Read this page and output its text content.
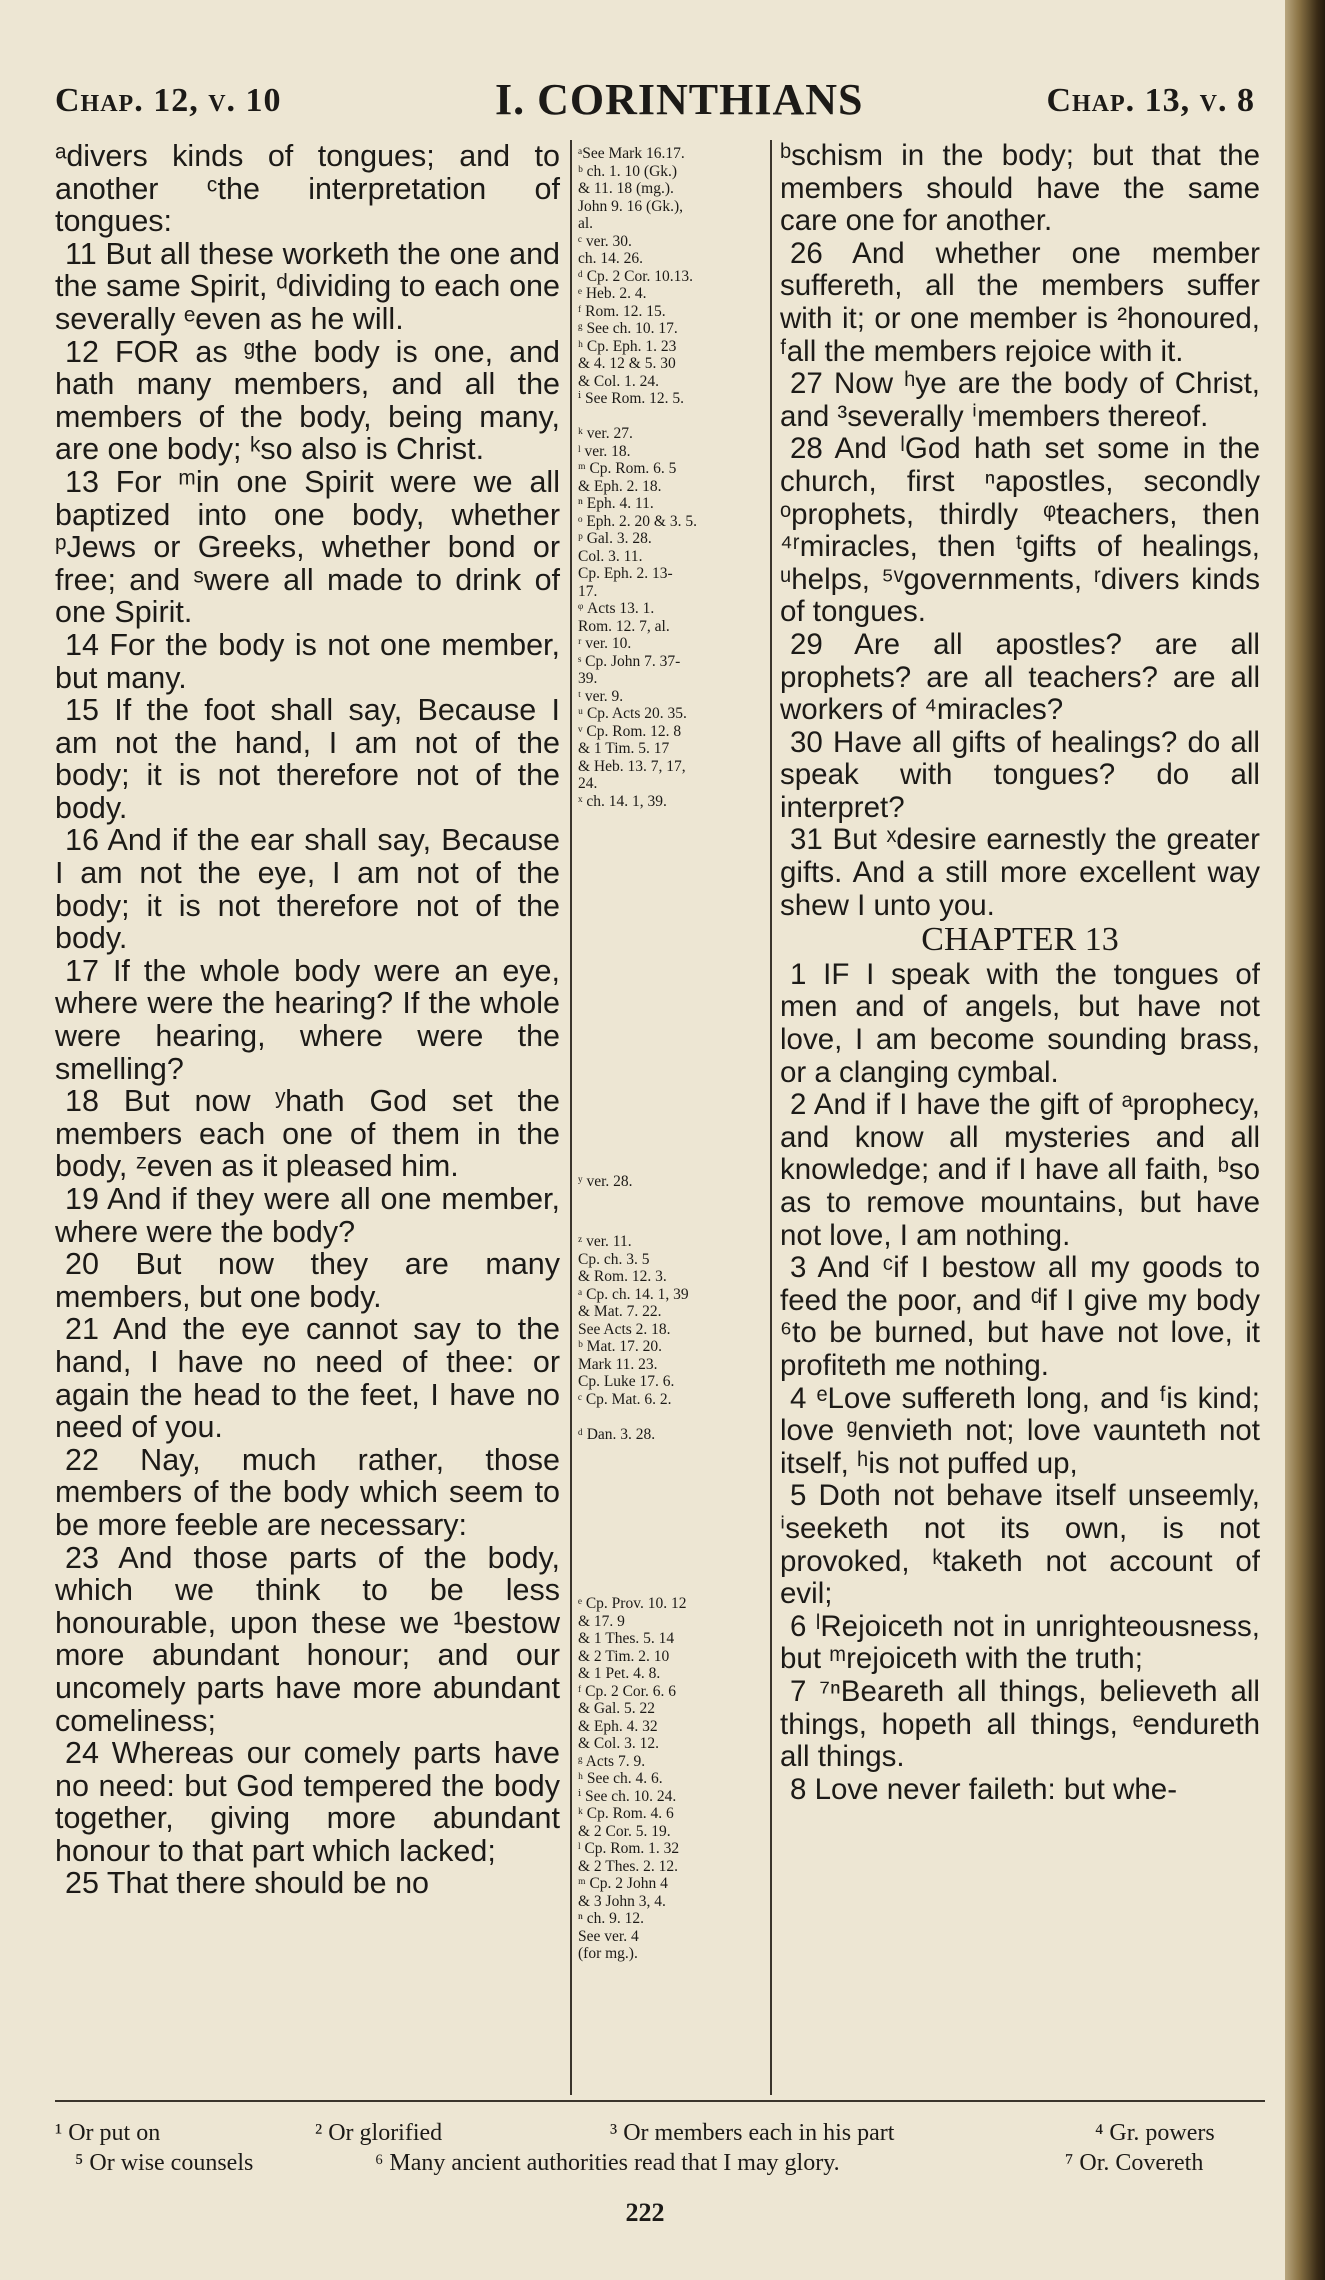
Chap. 12, v. 10	I. CORINTHIANS	Chap. 13, v. 8

ᵃdivers kinds of tongues; and to another ᶜthe interpretation of tongues:

11 But all these worketh the one and the same Spirit, ᵈdividing to each one severally ᵉeven as he will.

12 FOR as ᵍthe body is one, and hath many members, and all the members of the body, being many, are one body; ᵏso also is Christ.

13 For ᵐin one Spirit were we all baptized into one body, whether ᵖJews or Greeks, whether bond or free; and ˢwere all made to drink of one Spirit.

14 For the body is not one member, but many.

15 If the foot shall say, Because I am not the hand, I am not of the body; it is not therefore not of the body.

16 And if the ear shall say, Because I am not the eye, I am not of the body; it is not therefore not of the body.

17 If the whole body were an eye, where were the hearing? If the whole were hearing, where were the smelling?

18 But now ʸhath God set the members each one of them in the body, ᶻeven as it pleased him.

19 And if they were all one member, where were the body?

20 But now they are many members, but one body.

21 And the eye cannot say to the hand, I have no need of thee: or again the head to the feet, I have no need of you.

22 Nay, much rather, those members of the body which seem to be more feeble are necessary:

23 And those parts of the body, which we think to be less honourable, upon these we ¹bestow more abundant honour; and our uncomely parts have more abundant comeliness;

24 Whereas our comely parts have no need: but God tempered the body together, giving more abundant honour to that part which lacked;

25 That there should be no

ᵃSee Mark 16.17.
ᵇ ch. 1. 10 (Gk.)
& 11. 18 (mg.).
John 9. 16 (Gk.),
al.
ᶜ ver. 30.
ch. 14. 26.
ᵈ Cp. 2 Cor. 10.13.
ᵉ Heb. 2. 4.
ᶠ Rom. 12. 15.
ᵍ See ch. 10. 17.
ʰ Cp. Eph. 1. 23
& 4. 12 & 5. 30
& Col. 1. 24.
ⁱ See Rom. 12. 5.

ᵏ ver. 27.
ˡ ver. 18.
ᵐ Cp. Rom. 6. 5
& Eph. 2. 18.
ⁿ Eph. 4. 11.
ᵒ Eph. 2. 20 & 3. 5.
ᵖ Gal. 3. 28.
Col. 3. 11.
Cp. Eph. 2. 13-
17.
ᵠ Acts 13. 1.
Rom. 12. 7, al.
ʳ ver. 10.
ˢ Cp. John 7. 37-
39.
ᵗ ver. 9.
ᵘ Cp. Acts 20. 35.
ᵛ Cp. Rom. 12. 8
& 1 Tim. 5. 17
& Heb. 13. 7, 17,
24.
ˣ ch. 14. 1, 39.
ʸ ver. 28.
ᶻ ver. 11.
Cp. ch. 3. 5
& Rom. 12. 3.
ᵃ Cp. ch. 14. 1, 39
& Mat. 7. 22.
See Acts 2. 18.
ᵇ Mat. 17. 20.
Mark 11. 23.
Cp. Luke 17. 6.
ᶜ Cp. Mat. 6. 2.

ᵈ Dan. 3. 28.
ᵉ Cp. Prov. 10. 12
& 17. 9
& 1 Thes. 5. 14
& 2 Tim. 2. 10
& 1 Pet. 4. 8.
ᶠ Cp. 2 Cor. 6. 6
& Gal. 5. 22
& Eph. 4. 32
& Col. 3. 12.
ᵍ Acts 7. 9.
ʰ See ch. 4. 6.
ⁱ See ch. 10. 24.
ᵏ Cp. Rom. 4. 6
& 2 Cor. 5. 19.
ˡ Cp. Rom. 1. 32
& 2 Thes. 2. 12.
ᵐ Cp. 2 John 4
& 3 John 3, 4.
ⁿ ch. 9. 12.
See ver. 4
(for mg.).

ᵇschism in the body; but that the members should have the same care one for another.

26 And whether one member suffereth, all the members suffer with it; or one member is ²honoured, ᶠall the members rejoice with it.

27 Now ʰye are the body of Christ, and ³severally ⁱmembers thereof.

28 And ˡGod hath set some in the church, first ⁿapostles, secondly ᵒprophets, thirdly ᵠteachers, then ⁴ʳmiracles, then ᵗgifts of healings, ᵘhelps, ⁵ᵛgovernments, ʳdivers kinds of tongues.

29 Are all apostles? are all prophets? are all teachers? are all workers of ⁴miracles?

30 Have all gifts of healings? do all speak with tongues? do all interpret?

31 But ˣdesire earnestly the greater gifts. And a still more excellent way shew I unto you.

CHAPTER 13

1 IF I speak with the tongues of men and of angels, but have not love, I am become sounding brass, or a clanging cymbal.

2 And if I have the gift of ᵃprophecy, and know all mysteries and all knowledge; and if I have all faith, ᵇso as to remove mountains, but have not love, I am nothing.

3 And ᶜif I bestow all my goods to feed the poor, and ᵈif I give my body ⁶to be burned, but have not love, it profiteth me nothing.

4 ᵉLove suffereth long, and ᶠis kind; love ᵍenvieth not; love vaunteth not itself, ʰis not puffed up,

5 Doth not behave itself unseemly, ⁱseeketh not its own, is not provoked, ᵏtaketh not account of evil;

6 ˡRejoiceth not in unrighteousness, but ᵐrejoiceth with the truth;

7 ⁷ⁿBeareth all things, believeth all things, hopeth all things, ᵉendureth all things.

8 Love never faileth: but whe-

¹ Or put on	² Or glorified	³ Or members each in his part	⁴ Gr. powers
⁵ Or wise counsels	⁶ Many ancient authorities read that I may glory.	⁷ Or. Covereth
222
